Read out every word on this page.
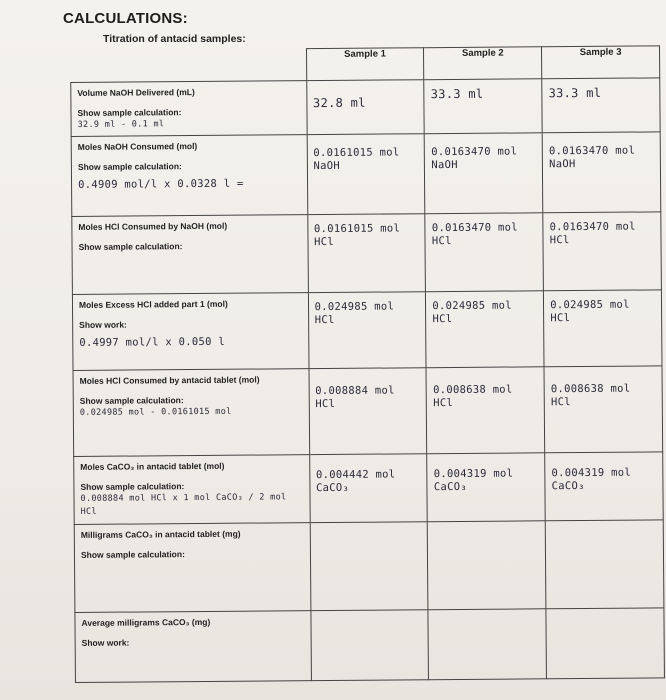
CALCULATIONS:
Titration of antacid samples:
	Sample 1	Sample 2	Sample 3

Volume NaOH Delivered (mL)
Show sample calculation:
32.9 ml - 0.1 ml	32.8 ml	33.3 ml	33.3 ml

Moles NaOH Consumed (mol)
Show sample calculation:
0.4909 mol/l x 0.0328 l =	0.0161015 mol NaOH	0.0163470 mol NaOH	0.0163470 mol NaOH

Moles HCl Consumed by NaOH (mol)
Show sample calculation:	0.0161015 mol HCl	0.0163470 mol HCl	0.0163470 mol HCl

Moles Excess HCl added part 1 (mol)
Show work:
0.4997 mol/l x 0.050 l	0.024985 mol HCl	0.024985 mol HCl	0.024985 mol HCl

Moles HCl Consumed by antacid tablet (mol)
Show sample calculation:
0.024985 mol - 0.0161015 mol	0.008884 mol HCl	0.008638 mol HCl	0.008638 mol HCl

Moles CaCO₃ in antacid tablet (mol)
Show sample calculation:
0.008884 mol HCl x 1 mol CaCO₃ / 2 mol HCl	0.004442 mol CaCO₃	0.004319 mol CaCO₃	0.004319 mol CaCO₃

Milligrams CaCO₃ in antacid tablet (mg)
Show sample calculation:			

Average milligrams CaCO₃ (mg)
Show work:			
